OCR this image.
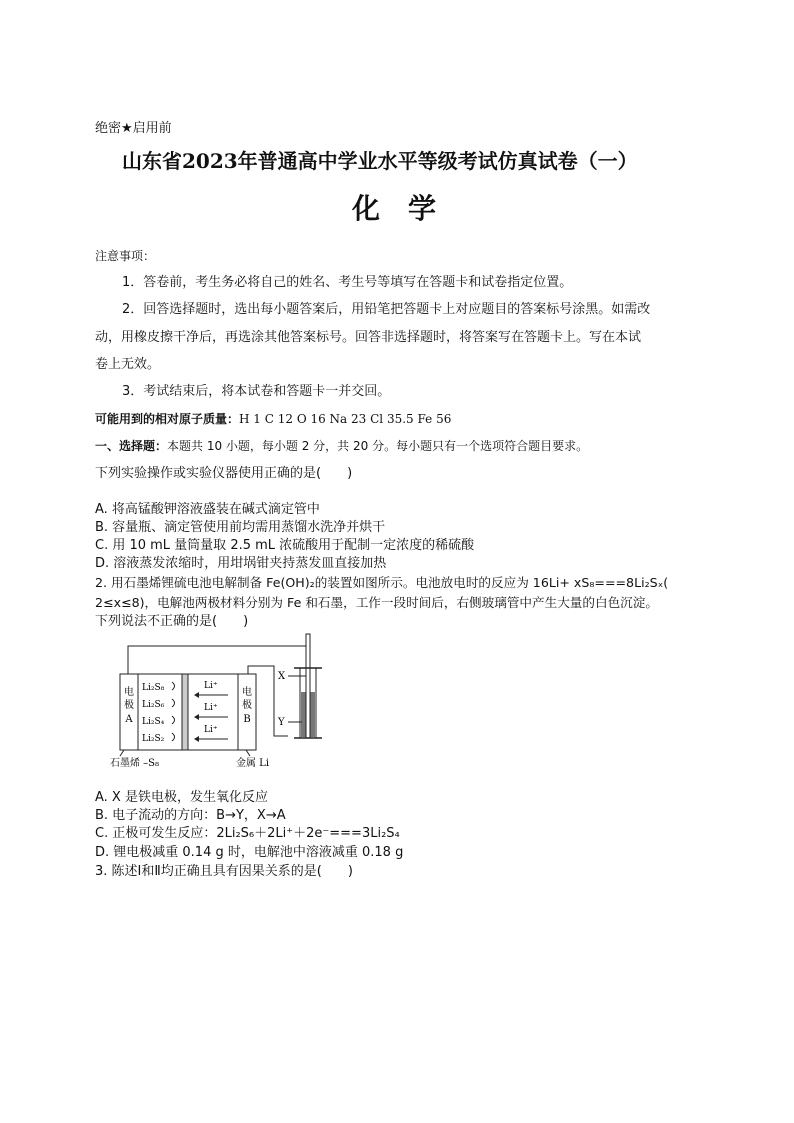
绝密★启用前
山东省2023年普通高中学业水平等级考试仿真试卷（一）
化　学
注意事项：
1．答卷前，考生务必将自己的姓名、考生号等填写在答题卡和试卷指定位置。
2．回答选择题时，选出每小题答案后，用铅笔把答题卡上对应题目的答案标号涂黑。如需改
动，用橡皮擦干净后，再选涂其他答案标号。回答非选择题时，将答案写在答题卡上。写在本试
卷上无效。
3．考试结束后，将本试卷和答题卡一并交回。
可能用到的相对原子质量：H 1 C 12 O 16 Na 23 Cl 35.5 Fe 56
一、选择题：本题共 10 小题，每小题 2 分，共 20 分。每小题只有一个选项符合题目要求。
下列实验操作或实验仪器使用正确的是(　　)
A. 将高锰酸钾溶液盛装在碱式滴定管中
B. 容量瓶、滴定管使用前均需用蒸馏水洗净并烘干
C. 用 10 mL 量筒量取 2.5 mL 浓硫酸用于配制一定浓度的稀硫酸
D. 溶液蒸发浓缩时，用坩埚钳夹持蒸发皿直接加热
2. 用石墨烯锂硫电池电解制备 Fe(OH)₂的装置如图所示。电池放电时的反应为 16Li+ xS₈===8Li₂Sₓ(
2≤x≤8)，电解池两极材料分别为 Fe 和石墨，工作一段时间后，右侧玻璃管中产生大量的白色沉淀。
下列说法不正确的是(　　)
电
极
A
Li₂S₈
Li₂S₆
Li₂S₄
Li₂S₂
Li⁺
Li⁺
Li⁺
电
极
B
石墨烯 –S₈	金属 Li
X
Y
A. X 是铁电极，发生氧化反应
B. 电子流动的方向：B→Y，X→A
C. 正极可发生反应：2Li₂S₆＋2Li⁺＋2e⁻===3Li₂S₄
D. 锂电极减重 0.14 g 时，电解池中溶液减重 0.18 g
3. 陈述Ⅰ和Ⅱ均正确且具有因果关系的是(　　)
